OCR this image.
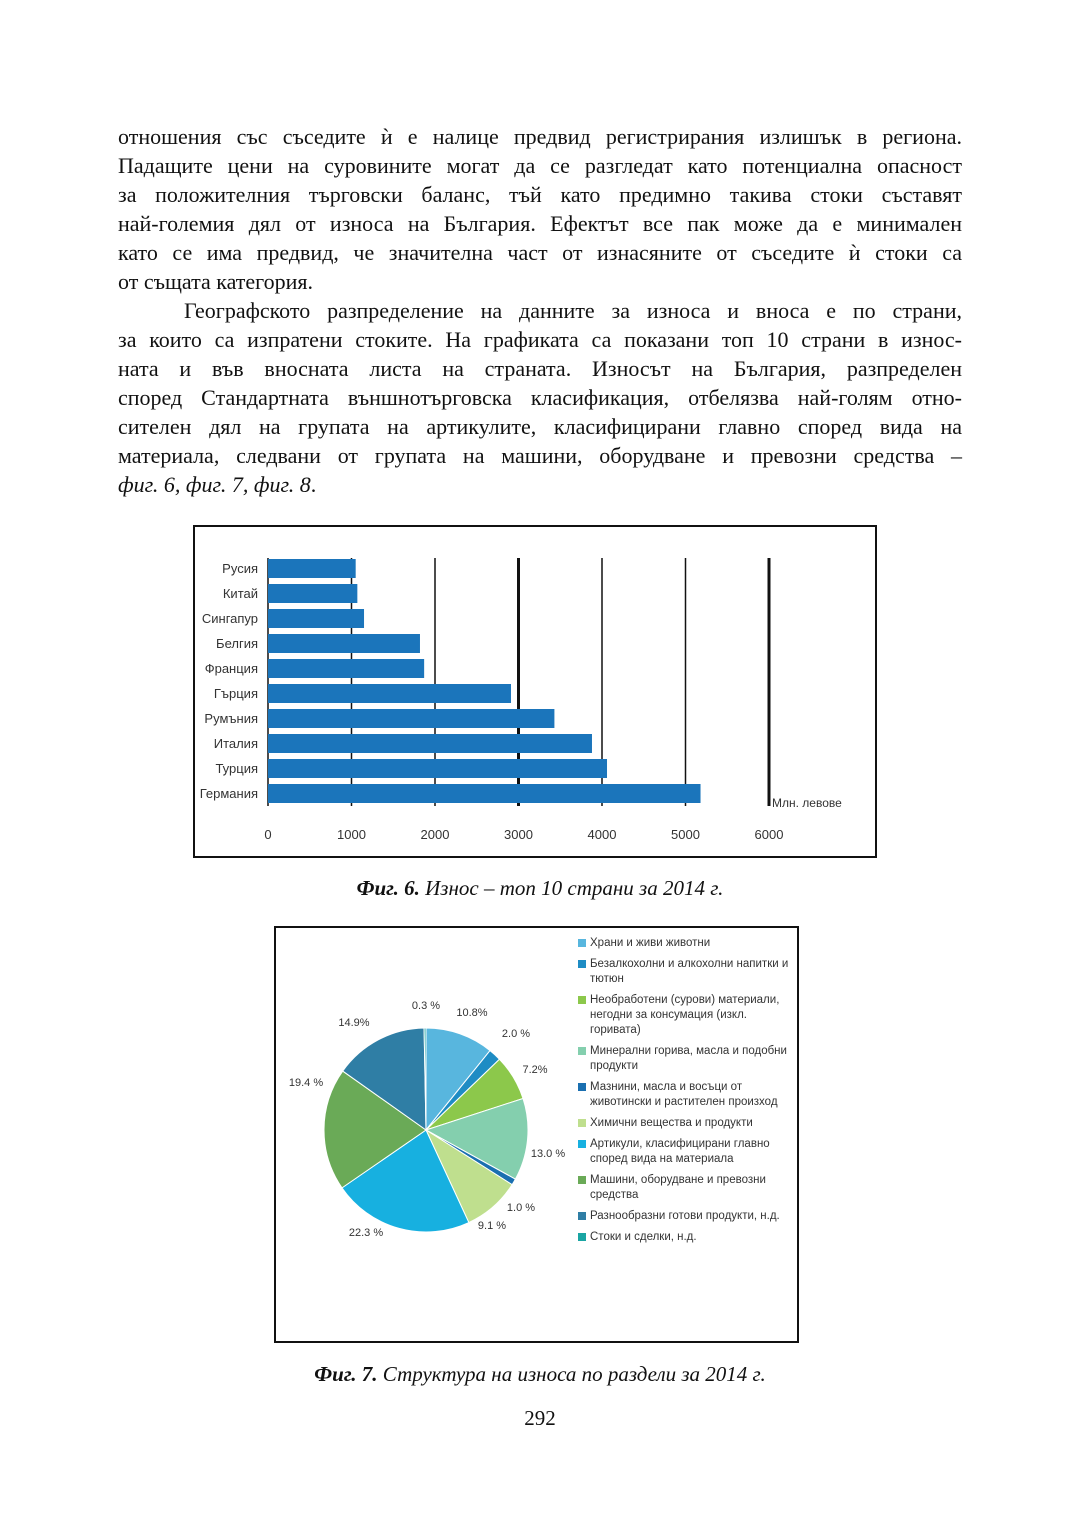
отношения със съседите ѝ е налице предвид регистрирания излишък в региона.
Падащите цени на суровините могат да се разгледат като потенциална опасност
за положителния търговски баланс, тъй като предимно такива стоки съставят
най-големия дял от износа на България. Ефектът все пак може да е минимален
като се има предвид, че значителна част от изнасяните от съседите ѝ стоки са
от същата категория.

Географското разпределение на данните за износа и вноса е по страни,
за които са изпратени стоките. На графиката са показани топ 10 страни в износ-
ната и във вносната листа на страната. Износът на България, разпределен
според Стандартната външнотърговска класификация, отбелязва най-голям отно-
сителен дял на групата на артикулите, класифицирани главно според вида на
материала, следвани от групата на машини, оборудване и превозни средства –
фиг. 6, фиг. 7, фиг. 8.

Русия
Китай
Сингапур
Белгия
Франция
Гърция
Румъния
Италия
Турция
Германия
0	1000	2000	3000	4000	5000	6000
Млн. левове

Фиг. 6. Износ – топ 10 страни за 2014 г.

10.8%
2.0 %
7.2%
13.0 %
1.0 %
9.1 %
22.3 %
19.4 %
14.9%
0.3 %
Храни и живи животни
Безалкохолни и алкохолни напитки и тютюн
Необработени (сурови) материали, негодни за консумация (изкл. горивата)
Минерални горива, масла и подобни продукти
Мазнини, масла и восъци от животински и растителен произход
Химични вещества и продукти
Артикули, класифицирани главно според вида на материала
Машини, оборудване и превозни средства
Разнообразни готови продукти, н.д.
Стоки и сделки, н.д.

Фиг. 7. Структура на износа по раздели за 2014 г.

292
